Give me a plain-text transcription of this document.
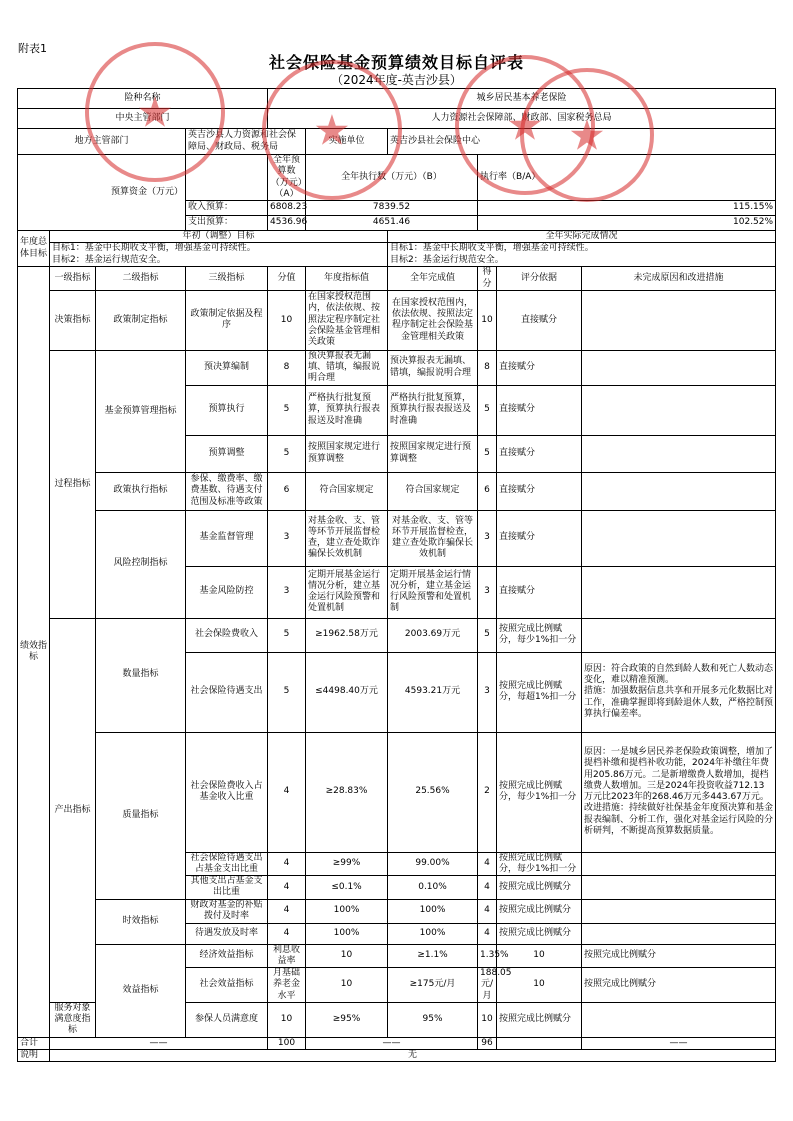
附表1
社会保险基金预算绩效目标自评表
（2024年度-英吉沙县）
险种名称				城乡居民基本养老保险						
中央主管部门				人力资源社会保障部、财政部、国家税务总局						
地方主管部门			英吉沙县人力资源和社会保障局、财政局、税务局		实施单位	英吉沙县社会保险中心				
预算资金（万元）				全年预算数（万元）（A）	全年执行数（万元）（B）		执行率（B/A）			
			收入预算：	6808.23	7839.52		115.15%			
			支出预算：	4536.96	4651.46		102.52%			
年度总体目标	年初（调整）目标					全年实际完成情况				
	目标1：基金中长期收支平衡，增强基金可持续性。					目标1：基金中长期收支平衡，增强基金可持续性。				
	目标2：基金运行规范安全。					目标2：基金运行规范安全。				
绩效指标	一级指标	二级指标	三级指标	分值	年度指标值	全年完成值	得分	评分依据	未完成原因和改进措施	
	决策指标	政策制定指标	政策制定依据及程序	10	在国家授权范围内，依法依规、按照法定程序制定社会保险基金管理相关政策	在国家授权范围内，依法依规、按照法定程序制定社会保险基金管理相关政策	10	直接赋分		
	过程指标	基金预算管理指标	预决算编制	8	预决算报表无漏填、错填，编报说明合理	预决算报表无漏填、错填，编报说明合理	8	直接赋分		
			预算执行	5	严格执行批复预算，预算执行报表报送及时准确	严格执行批复预算，预算执行报表报送及时准确	5	直接赋分		
			预算调整	5	按照国家规定进行预算调整	按照国家规定进行预算调整	5	直接赋分		
		政策执行指标	参保、缴费率、缴费基数、待遇支付范围及标准等政策	6	符合国家规定	符合国家规定	6	直接赋分		
		风险控制指标	基金监督管理	3	对基金收、支、管等环节开展监督检查，建立查处欺诈骗保长效机制	对基金收、支、管等环节开展监督检查，建立查处欺诈骗保长效机制	3	直接赋分		
			基金风险防控	3	定期开展基金运行情况分析，建立基金运行风险预警和处置机制	定期开展基金运行情况分析，建立基金运行风险预警和处置机制	3	直接赋分		
	产出指标	数量指标	社会保险费收入	5	≥1962.58万元	2003.69万元	5	按照完成比例赋分，每少1%扣一分		
			社会保险待遇支出	5	≤4498.40万元	4593.21万元	3	按照完成比例赋分，每超1%扣一分	原因：符合政策的自然到龄人数和死亡人数动态变化，难以精准预测。
措施：加强数据信息共享和开展多元化数据比对工作，准确掌握即将到龄退休人数，严格控制预算执行偏差率。	
		质量指标	社会保险费收入占基金收入比重	4	≥28.83%	25.56%	2	按照完成比例赋分，每少1%扣一分	原因：一是城乡居民养老保险政策调整，增加了提档补缴和提档补收功能，2024年补缴往年费用205.86万元。二是新增缴费人数增加，提档缴费人数增加。三是2024年投资收益712.13万元比2023年的268.46万元多443.67万元。改进措施：持续做好社保基金年度预决算和基金报表编制、分析工作，强化对基金运行风险的分析研判，不断提高预算数据质量。	
			社会保险待遇支出占基金支出比重	4	≥99%	99.00%	4	按照完成比例赋分，每少1%扣一分		
			其他支出占基金支出比重	4	≤0.1%	0.10%	4	按照完成比例赋分		
		时效指标	财政对基金的补贴拨付及时率	4	100%	100%	4	按照完成比例赋分		
			待遇发放及时率	4	100%	100%	4	按照完成比例赋分		
		效益指标	经济效益指标	利息收益率	10	≥1.1%	1.35%	10	按照完成比例赋分	
			社会效益指标	月基础养老金水平	10	≥175元/月	188.05元/月	10	按照完成比例赋分	
	服务对象满意度指标		参保人员满意度	10	≥95%	95%	10	按照完成比例赋分		
合计	——			100	——		96		——	
说明	无									
★
★
★
★
